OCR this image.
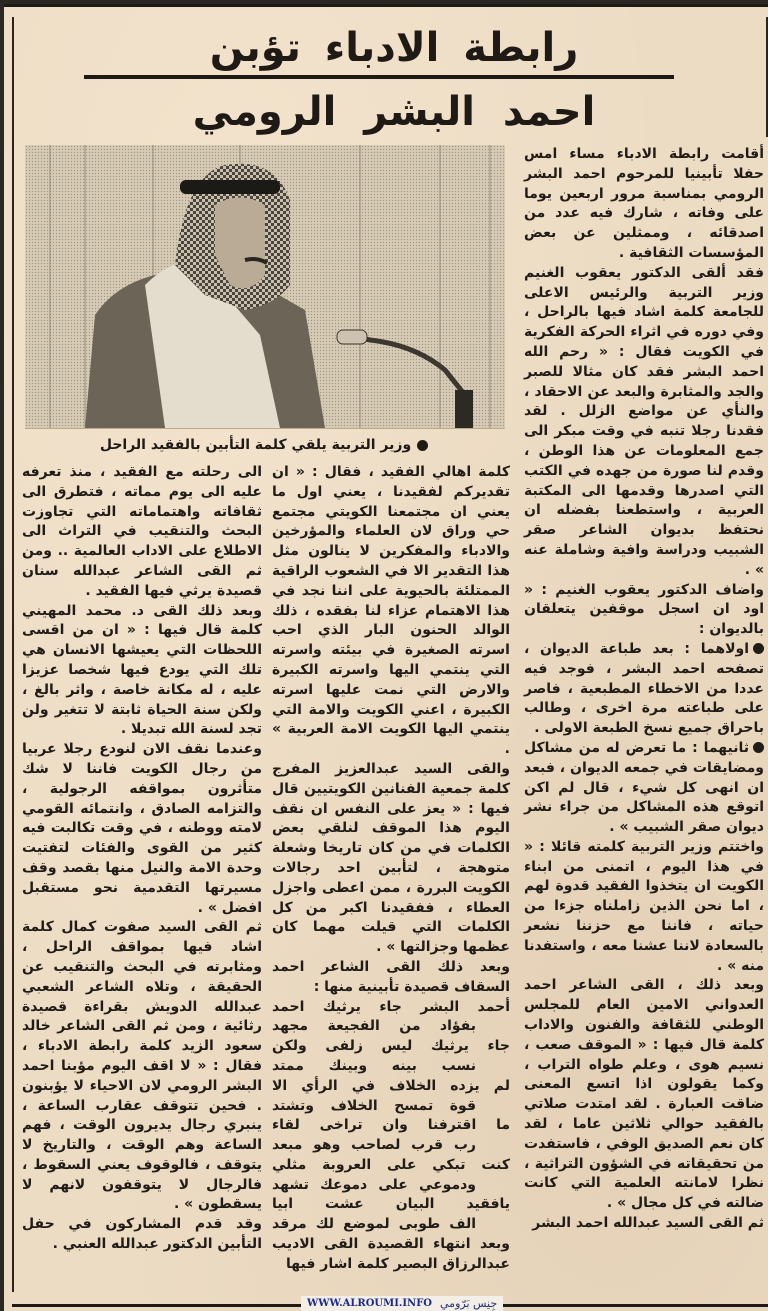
رابطة الادباء تؤبن
احمد البشر الرومي
وزير التربية يلقي كلمة التأبين بالفقيد الراحل

أقامت رابطة الادباء مساء امس حفلا تأبينيا للمرحوم احمد البشر الرومي بمناسبة مرور اربعين يوما على وفاته ، شارك فيه عدد من اصدقائه ، وممثلين عن بعض المؤسسات الثقافية .

فقد ألقى الدكتور يعقوب الغنيم وزير التربية والرئيس الاعلى للجامعة كلمة اشاد فيها بالراحل ، وفي دوره في اثراء الحركة الفكرية في الكويت فقال : « رحم الله احمد البشر فقد كان مثالا للصبر والجد والمثابرة والبعد عن الاحقاد ، والنأي عن مواضع الزلل . لقد فقدنا رجلا تنبه في وقت مبكر الى جمع المعلومات عن هذا الوطن ، وقدم لنا صورة من جهده في الكتب التي اصدرها وقدمها الى المكتبة العربية ، واستطعنا بفضله ان نحتفظ بديوان الشاعر صقر الشبيب ودراسة وافية وشاملة عنه » .

واضاف الدكتور يعقوب الغنيم : « اود ان اسجل موقفين يتعلقان بالديوان :

اولاهما : بعد طباعة الديوان ، تصفحه احمد البشر ، فوجد فيه عددا من الاخطاء المطبعية ، فاصر على طباعته مرة اخرى ، وطالب باحراق جميع نسخ الطبعة الاولى .

ثانيهما : ما تعرض له من مشاكل ومضايقات في جمعه الديوان ، فبعد ان انهى كل شيء ، قال لم اكن اتوقع هذه المشاكل من جراء نشر ديوان صقر الشبيب » .

واختتم وزير التربية كلمته قائلا : « في هذا اليوم ، اتمنى من ابناء الكويت ان يتخذوا الفقيد قدوة لهم ، اما نحن الذين زاملناه جزءا من حياته ، فاننا مع حزننا نشعر بالسعادة لاننا عشنا معه ، واستفدنا منه » .

وبعد ذلك ، القى الشاعر احمد العدواني الامين العام للمجلس الوطني للثقافة والفنون والاداب كلمة قال فيها : « الموقف صعب ، نسيم هوى ، وعلم طواه التراب ، وكما يقولون اذا اتسع المعنى ضاقت العبارة . لقد امتدت صلاتي بالفقيد حوالي ثلاثين عاما ، لقد كان نعم الصديق الوفي ، فاستفدت من تحقيقاته في الشؤون التراثية ، نظرا لامانته العلمية التي كانت ضالته في كل مجال » .

ثم القى السيد عبدالله احمد البشر

كلمة اهالي الفقيد ، فقال : « ان تقديركم لفقيدنا ، يعني اول ما يعني ان مجتمعنا الكويتي مجتمع حي وراق لان العلماء والمؤرخين والادباء والمفكرين لا ينالون مثل هذا التقدير الا في الشعوب الراقية الممتلئة بالحيوية على اننا نجد في هذا الاهتمام عزاء لنا بفقده ، ذلك الوالد الحنون البار الذي احب اسرته الصغيرة في بيئته واسرته التي ينتمي اليها واسرته الكبيرة والارض التي نمت عليها اسرته الكبيرة ، اعني الكويت والامة التي ينتمي اليها الكويت الامة العربية » .

والقى السيد عبدالعزيز المفرج كلمة جمعية الفنانين الكويتيين قال فيها : « يعز على النفس ان نقف اليوم هذا الموقف لنلقي بعض الكلمات في من كان تاريخا وشعلة متوهجة ، لتأبين احد رجالات الكويت البررة ، ممن اعطى واجزل العطاء ، ففقيدنا اكبر من كل الكلمات التي قيلت مهما كان عظمها وجزالتها » .

وبعد ذلك القى الشاعر احمد السقاف قصيدة تأبينية منها :

أحمد البشر جاء يرثيك احمد
بفؤاد من الفجيعة مجهد
جاء يرثيك ليس زلفى ولكن
نسب بينه وبينك ممتد
لم يزده الخلاف في الرأي الا
قوة تمسح الخلاف وتشتد
ما اقترفنا وان تراخى لقاء
رب قرب لصاحب وهو مبعد
كنت تبكي على العروبة مثلي
ودموعي على دموعك تشهد
يافقيد البيان عشت ابيا
الف طوبى لموضع لك مرقد

وبعد انتهاء القصيدة القى الاديب عبدالرزاق البصير كلمة اشار فيها

الى رحلته مع الفقيد ، منذ تعرفه عليه الى يوم مماته ، فتطرق الى ثقافاته واهتماماته التي تجاوزت البحث والتنقيب في التراث الى الاطلاع على الاداب العالمية .. ومن ثم القى الشاعر عبدالله سنان قصيدة يرثي فيها الفقيد .

وبعد ذلك القى د. محمد المهيني كلمة قال فيها : « ان من اقسى اللحظات التي يعيشها الانسان هي تلك التي يودع فيها شخصا عزيزا عليه ، له مكانة خاصة ، واثر بالغ ، ولكن سنة الحياة ثابتة لا تتغير ولن تجد لسنة الله تبديلا .

وعندما نقف الان لنودع رجلا عربيا من رجال الكويت فاننا لا شك متأثرون بمواقفه الرجولية ، والتزامه الصادق ، وانتمائه القومي لامته ووطنه ، في وقت تكالبت فيه كثير من القوى والفئات لتفتيت وحدة الامة والنيل منها بقصد وقف مسيرتها التقدمية نحو مستقبل افضل » .

ثم القى السيد صفوت كمال كلمة اشاد فيها بمواقف الراحل ، ومثابرته في البحث والتنقيب عن الحقيقة ، وتلاه الشاعر الشعبي عبدالله الدويش بقراءة قصيدة رثائية ، ومن ثم القى الشاعر خالد سعود الزيد كلمة رابطة الادباء ، فقال : « لا اقف اليوم مؤبنا احمد البشر الرومي لان الاحياء لا يؤبنون . فحين تتوقف عقارب الساعة ، ينبري رجال يديرون الوقت ، فهم الساعة وهم الوقت ، والتاريخ لا يتوقف ، فالوقوف يعني السقوط ، فالرجال لا يتوقفون لانهم لا يسقطون » .

وقد قدم المشاركون في حفل التأبين الدكتور عبدالله العنبي .

WWW.ALROUMI.INFO جِنِس بَرّومي
